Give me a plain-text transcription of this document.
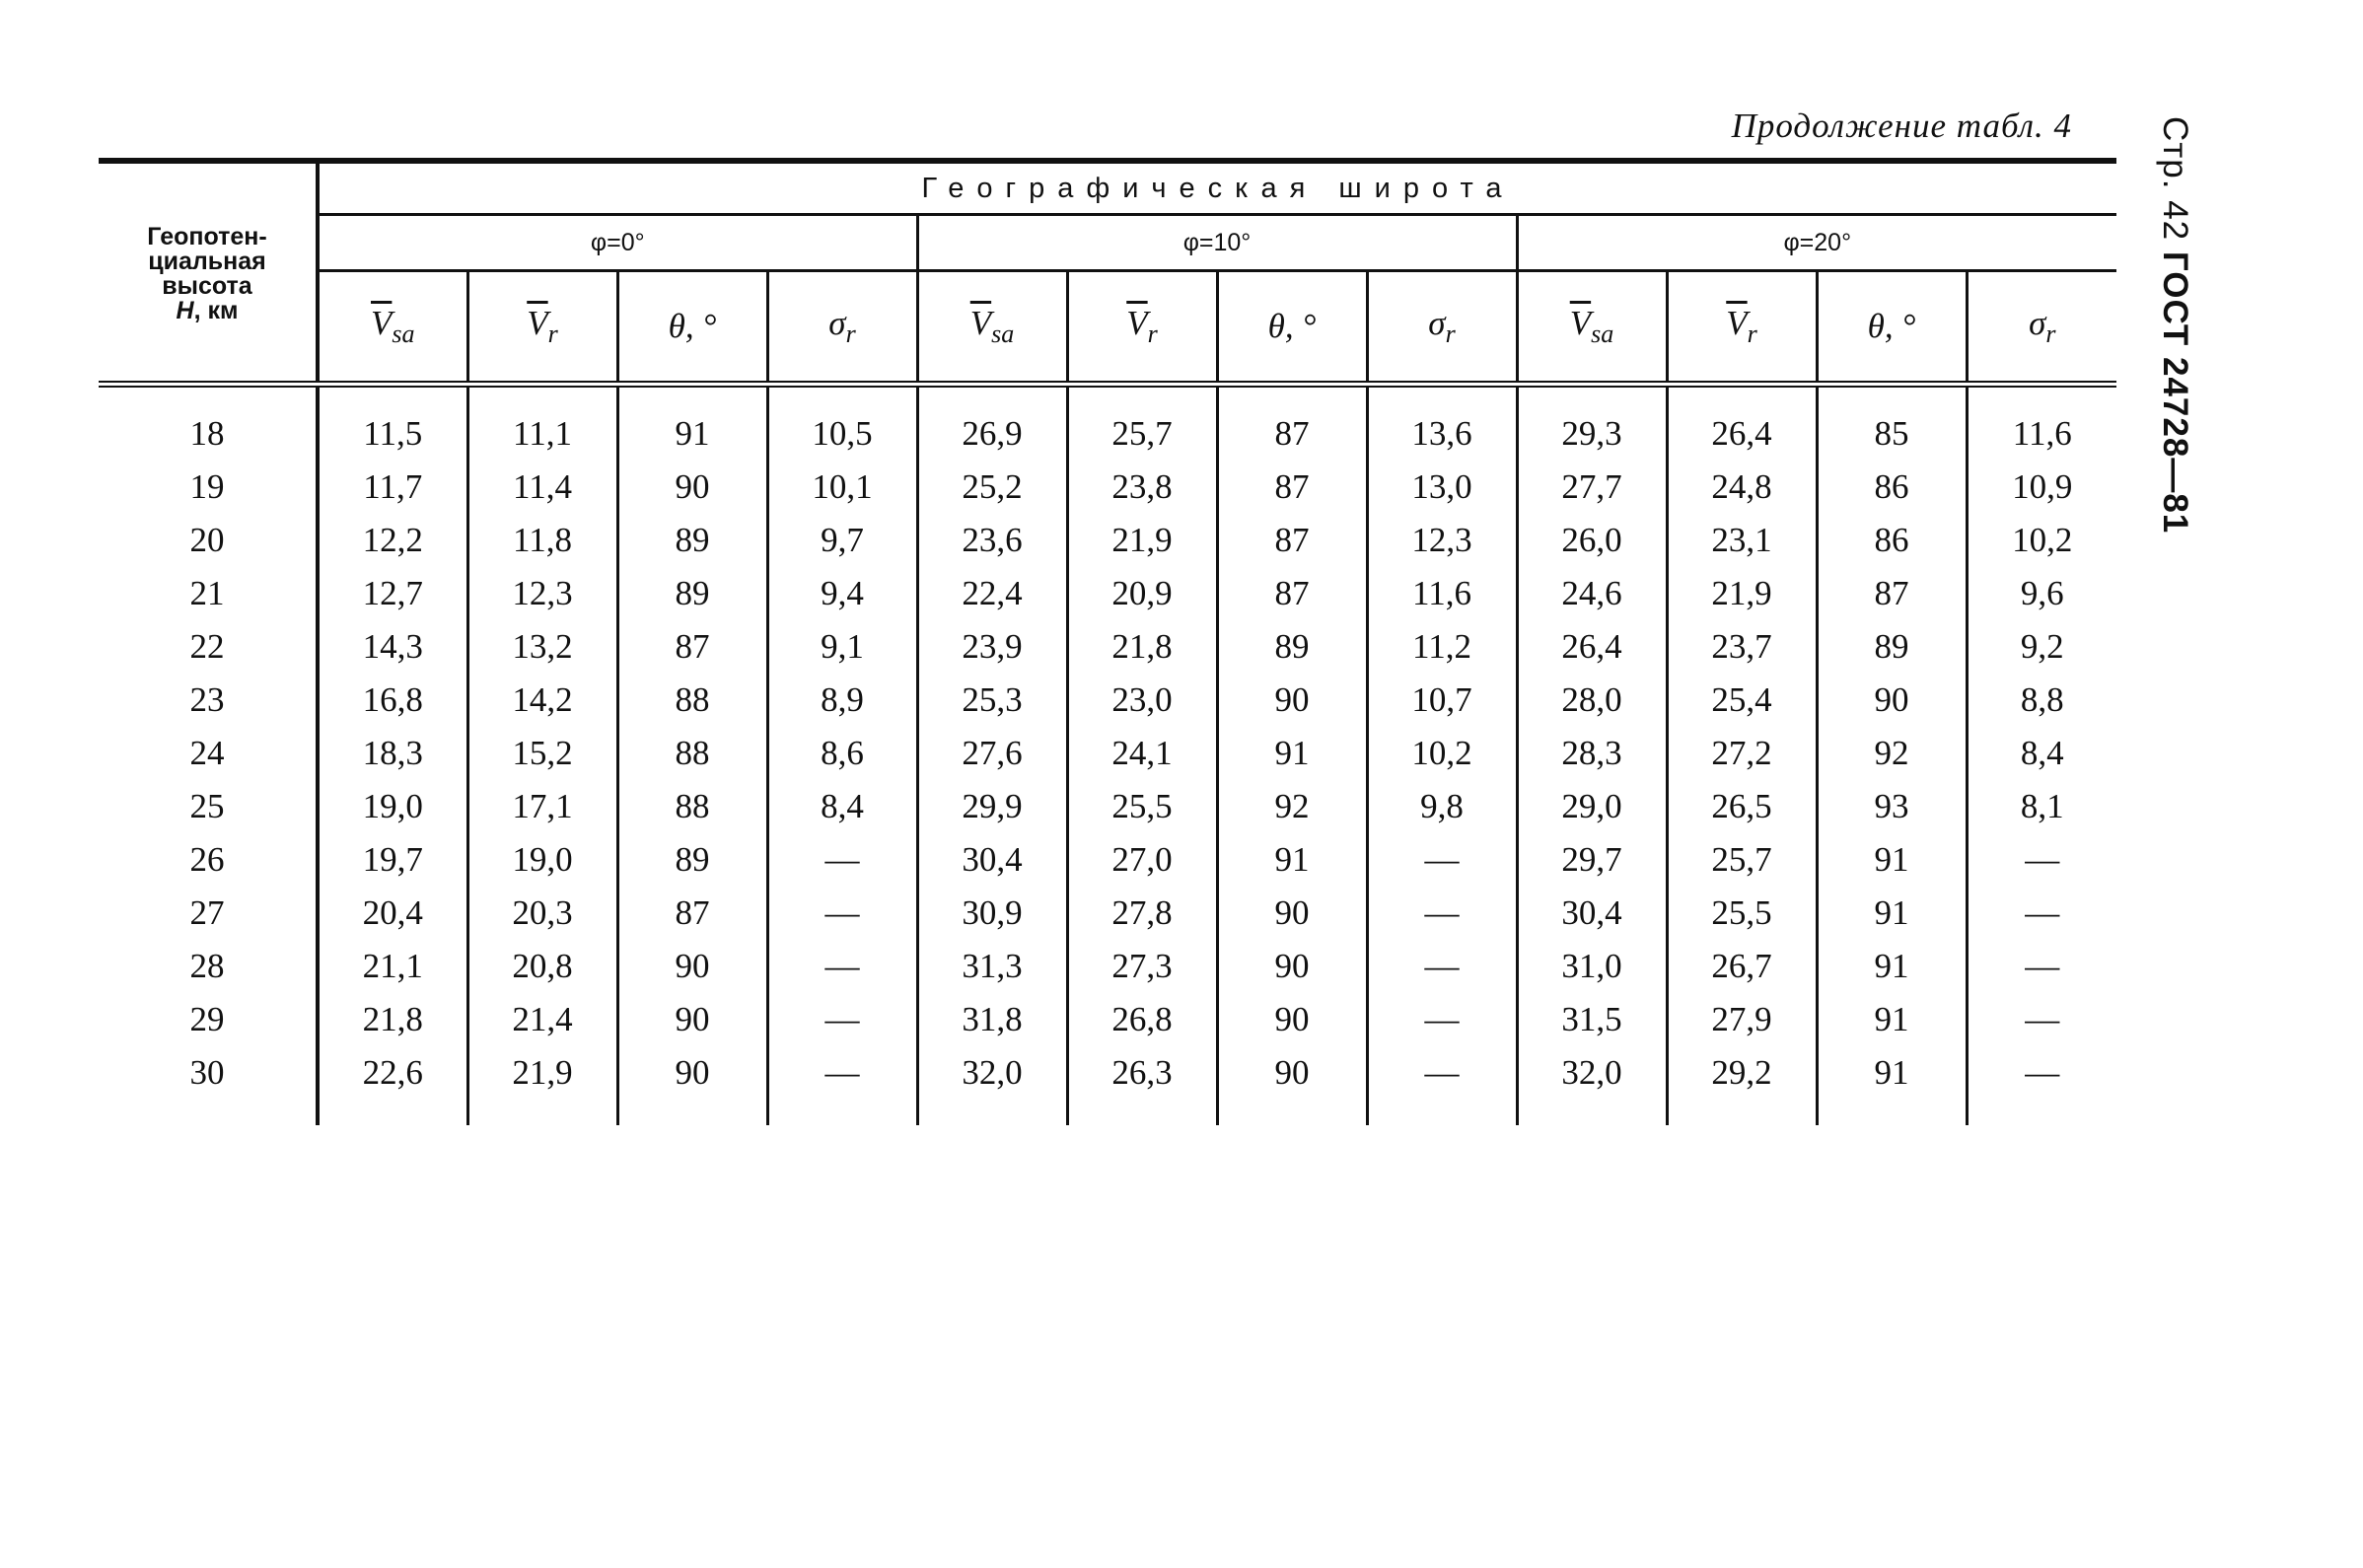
Продолжение табл. 4 Стр. 42 ГОСТ 24728—81
Геопотен-
циальная
высота
H, км	Географическая широта											
	φ=0°				φ=10°				φ=20°			
	$\overline{V}_{sa}$	$\overline{V}_r$	θ, °	$\sigma_r$	$\overline{V}_{sa}$	$\overline{V}_r$	θ, °	$\sigma_r$	$\overline{V}_{sa}$	$\overline{V}_r$	θ, °	$\sigma_r$
18	11,5	11,1	91	10,5	26,9	25,7	87	13,6	29,3	26,4	85	11,6
19	11,7	11,4	90	10,1	25,2	23,8	87	13,0	27,7	24,8	86	10,9
20	12,2	11,8	89	9,7	23,6	21,9	87	12,3	26,0	23,1	86	10,2
21	12,7	12,3	89	9,4	22,4	20,9	87	11,6	24,6	21,9	87	9,6
22	14,3	13,2	87	9,1	23,9	21,8	89	11,2	26,4	23,7	89	9,2
23	16,8	14,2	88	8,9	25,3	23,0	90	10,7	28,0	25,4	90	8,8
24	18,3	15,2	88	8,6	27,6	24,1	91	10,2	28,3	27,2	92	8,4
25	19,0	17,1	88	8,4	29,9	25,5	92	9,8	29,0	26,5	93	8,1
26	19,7	19,0	89	—	30,4	27,0	91	—	29,7	25,7	91	—
27	20,4	20,3	87	—	30,9	27,8	90	—	30,4	25,5	91	—
28	21,1	20,8	90	—	31,3	27,3	90	—	31,0	26,7	91	—
29	21,8	21,4	90	—	31,8	26,8	90	—	31,5	27,9	91	—
30	22,6	21,9	90	—	32,0	26,3	90	—	32,0	29,2	91	—
